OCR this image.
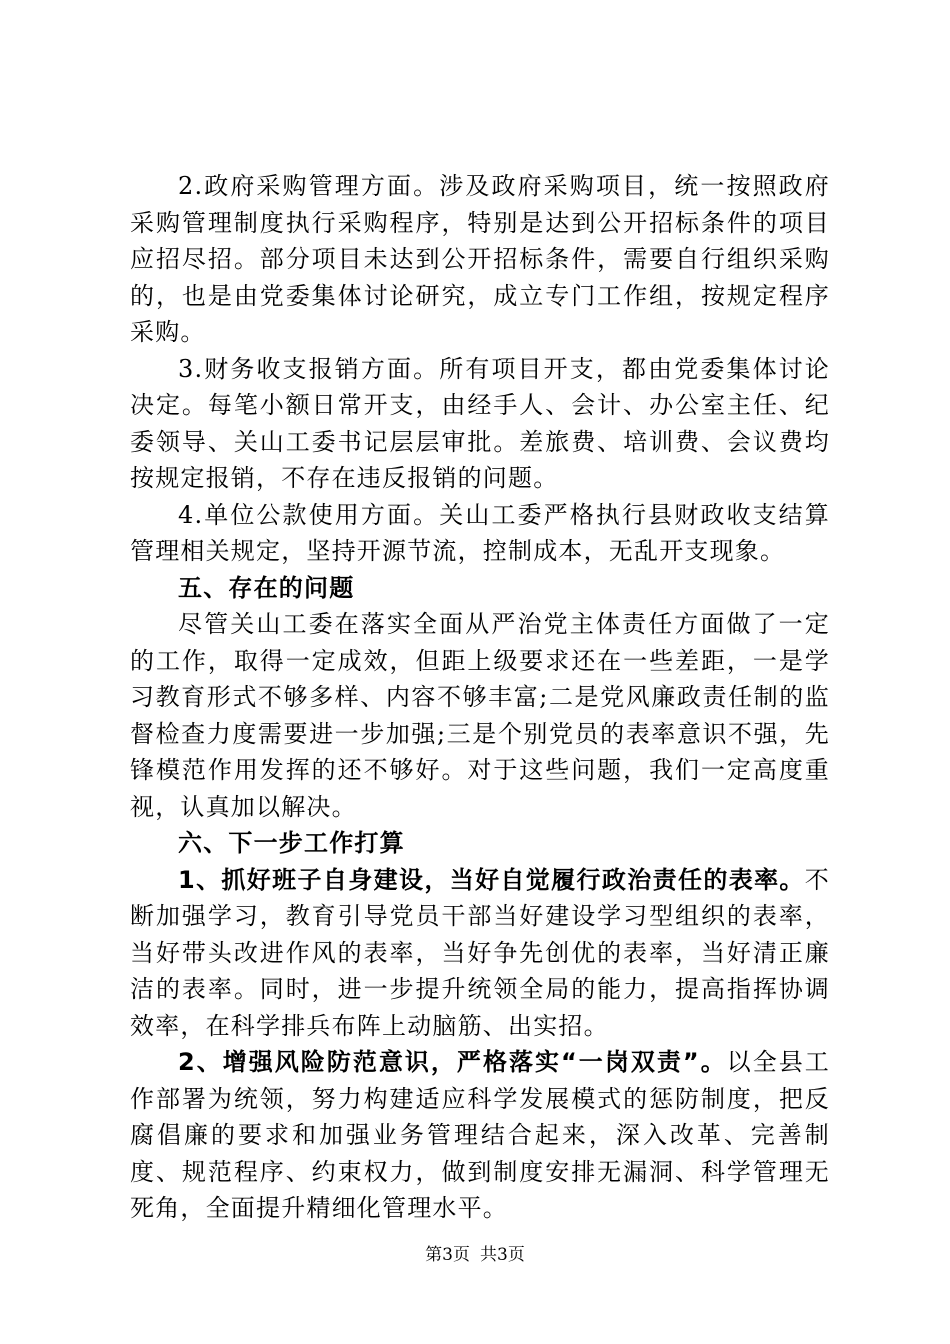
2.政府采购管理方面。涉及政府采购项目，统一按照政府采购管理制度执行采购程序，特别是达到公开招标条件的项目应招尽招。部分项目未达到公开招标条件，需要自行组织采购的，也是由党委集体讨论研究，成立专门工作组，按规定程序采购。

3.财务收支报销方面。所有项目开支，都由党委集体讨论决定。每笔小额日常开支，由经手人、会计、办公室主任、纪委领导、关山工委书记层层审批。差旅费、培训费、会议费均按规定报销，不存在违反报销的问题。

4.单位公款使用方面。关山工委严格执行县财政收支结算管理相关规定，坚持开源节流，控制成本，无乱开支现象。

五、存在的问题

尽管关山工委在落实全面从严治党主体责任方面做了一定的工作，取得一定成效，但距上级要求还在一些差距，一是学习教育形式不够多样、内容不够丰富;二是党风廉政责任制的监督检查力度需要进一步加强;三是个别党员的表率意识不强，先锋模范作用发挥的还不够好。对于这些问题，我们一定高度重视，认真加以解决。

六、下一步工作打算

1、抓好班子自身建设，当好自觉履行政治责任的表率。不断加强学习，教育引导党员干部当好建设学习型组织的表率，当好带头改进作风的表率，当好争先创优的表率，当好清正廉洁的表率。同时，进一步提升统领全局的能力，提高指挥协调效率，在科学排兵布阵上动脑筋、出实招。

2、增强风险防范意识，严格落实“一岗双责”。以全县工作部署为统领，努力构建适应科学发展模式的惩防制度，把反腐倡廉的要求和加强业务管理结合起来，深入改革、完善制度、规范程序、约束权力，做到制度安排无漏洞、科学管理无死角，全面提升精细化管理水平。

第3页 共3页
